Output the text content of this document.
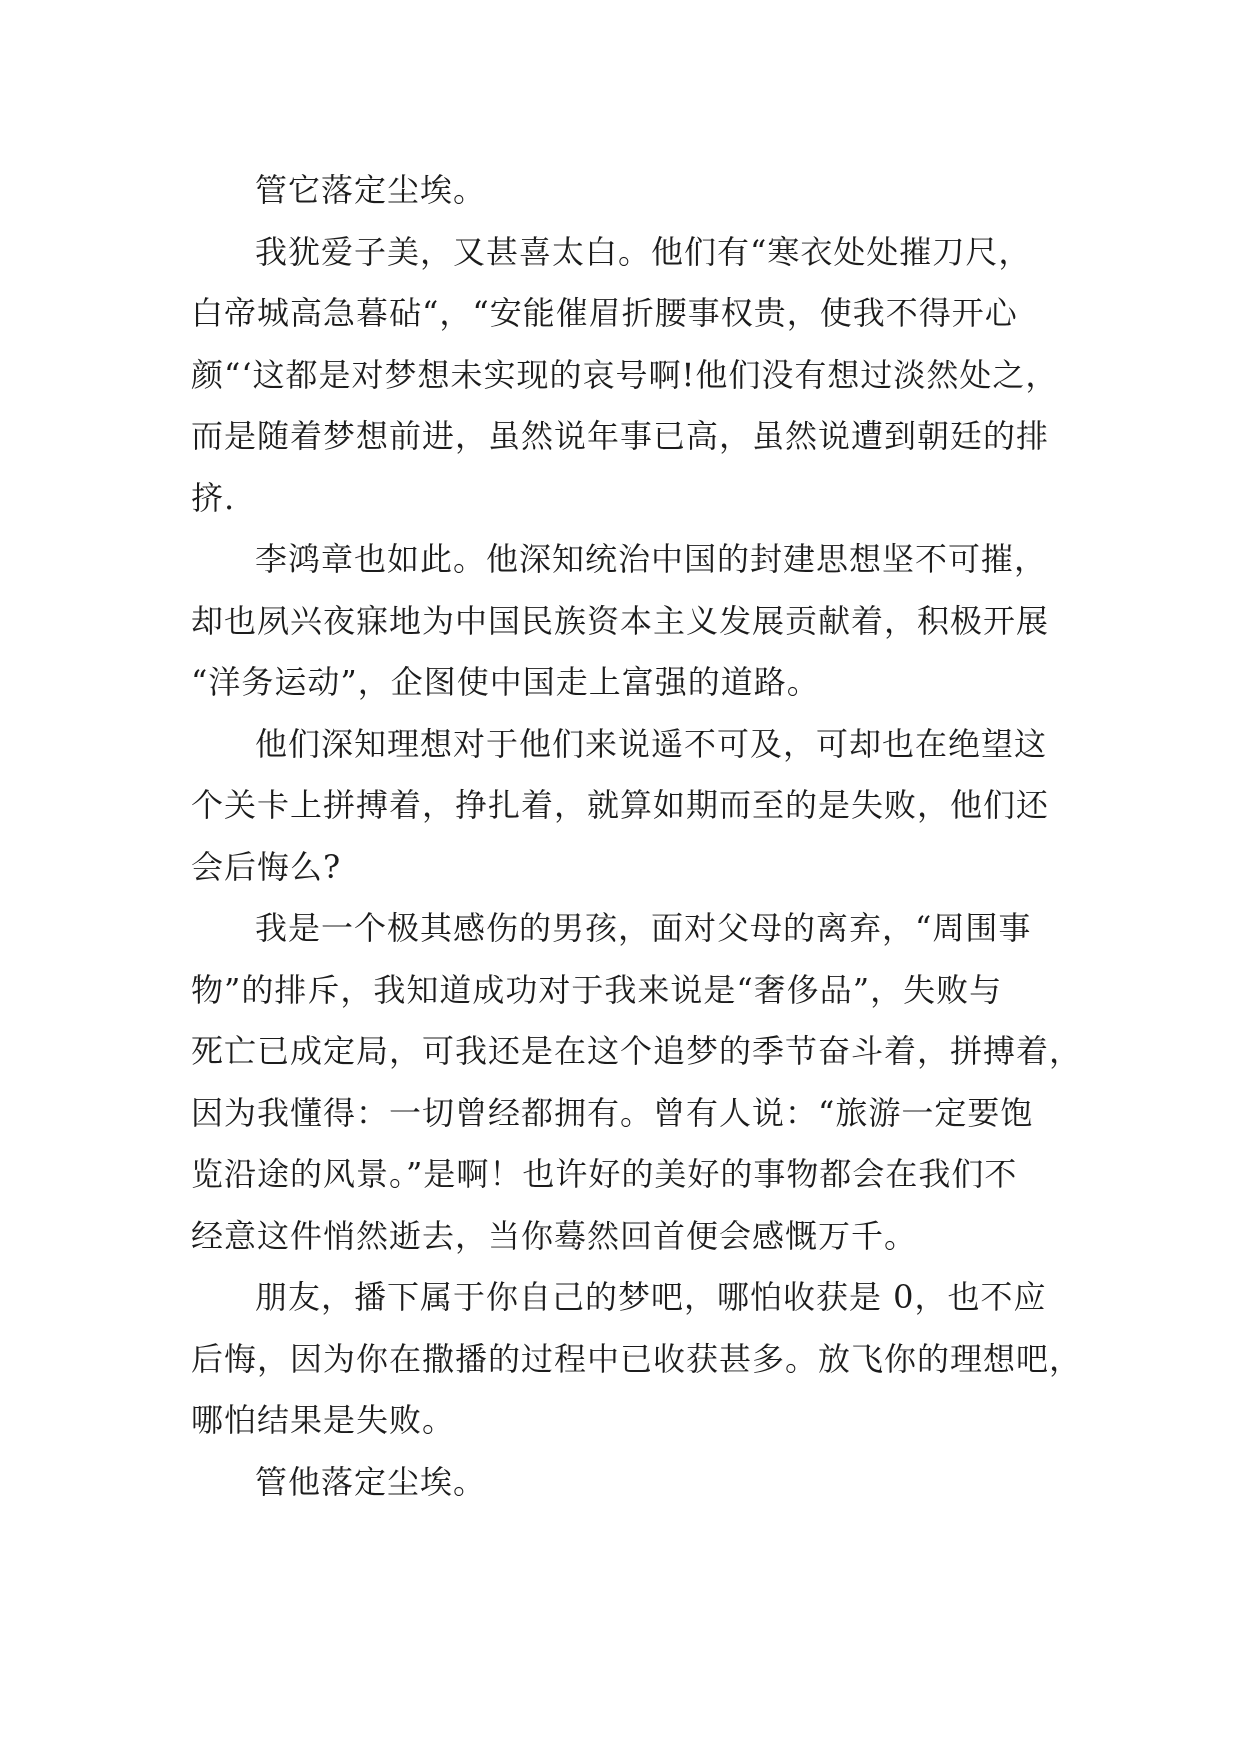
管它落定尘埃。
我犹爱子美，又甚喜太白。他们有“寒衣处处摧刀尺，
白帝城高急暮砧“，“安能催眉折腰事权贵，使我不得开心
颜“‘这都是对梦想未实现的哀号啊!他们没有想过淡然处之，
而是随着梦想前进，虽然说年事已高，虽然说遭到朝廷的排
挤.
李鸿章也如此。他深知统治中国的封建思想坚不可摧，
却也夙兴夜寐地为中国民族资本主义发展贡献着，积极开展
“洋务运动”，企图使中国走上富强的道路。
他们深知理想对于他们来说遥不可及，可却也在绝望这
个关卡上拼搏着，挣扎着，就算如期而至的是失败，他们还
会后悔么?
我是一个极其感伤的男孩，面对父母的离弃，“周围事
物”的排斥，我知道成功对于我来说是“奢侈品”，失败与
死亡已成定局，可我还是在这个追梦的季节奋斗着，拼搏着，
因为我懂得：一切曾经都拥有。曾有人说：“旅游一定要饱
览沿途的风景。”是啊！也许好的美好的事物都会在我们不
经意这件悄然逝去，当你蓦然回首便会感慨万千。
朋友，播下属于你自己的梦吧，哪怕收获是 0，也不应
后悔，因为你在撒播的过程中已收获甚多。放飞你的理想吧，
哪怕结果是失败。
管他落定尘埃。
